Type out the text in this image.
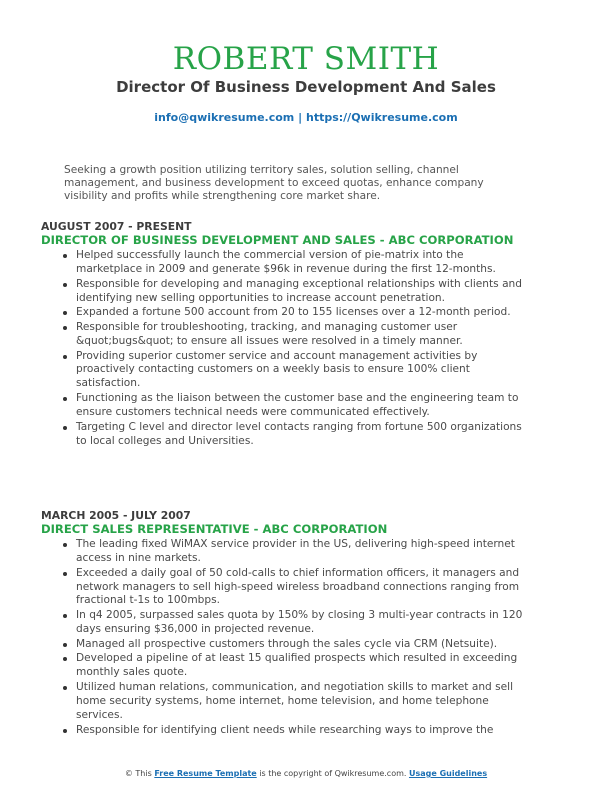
ROBERT SMITH
Director Of Business Development And Sales
info@qwikresume.com | https://Qwikresume.com

Seeking a growth position utilizing territory sales, solution selling, channel management, and business development to exceed quotas, enhance company visibility and profits while strengthening core market share.

AUGUST 2007 - PRESENT

DIRECTOR OF BUSINESS DEVELOPMENT AND SALES - ABC CORPORATION

Helped successfully launch the commercial version of pie-matrix into the marketplace in 2009 and generate $96k in revenue during the first 12-months.
Responsible for developing and managing exceptional relationships with clients and identifying new selling opportunities to increase account penetration.
Expanded a fortune 500 account from 20 to 155 licenses over a 12-month period.
Responsible for troubleshooting, tracking, and managing customer user &quot;bugs&quot; to ensure all issues were resolved in a timely manner.
Providing superior customer service and account management activities by proactively contacting customers on a weekly basis to ensure 100% client satisfaction.
Functioning as the liaison between the customer base and the engineering team to ensure customers technical needs were communicated effectively.
Targeting C level and director level contacts ranging from fortune 500 organizations to local colleges and Universities.

MARCH 2005 - JULY 2007

DIRECT SALES REPRESENTATIVE - ABC CORPORATION

The leading fixed WiMAX service provider in the US, delivering high-speed internet access in nine markets.
Exceeded a daily goal of 50 cold-calls to chief information officers, it managers and network managers to sell high-speed wireless broadband connections ranging from fractional t-1s to 100mbps.
In q4 2005, surpassed sales quota by 150% by closing 3 multi-year contracts in 120 days ensuring $36,000 in projected revenue.
Managed all prospective customers through the sales cycle via CRM (Netsuite).
Developed a pipeline of at least 15 qualified prospects which resulted in exceeding monthly sales quote.
Utilized human relations, communication, and negotiation skills to market and sell home security systems, home internet, home television, and home telephone services.
Responsible for identifying client needs while researching ways to improve the
© This Free Resume Template is the copyright of Qwikresume.com. Usage Guidelines
